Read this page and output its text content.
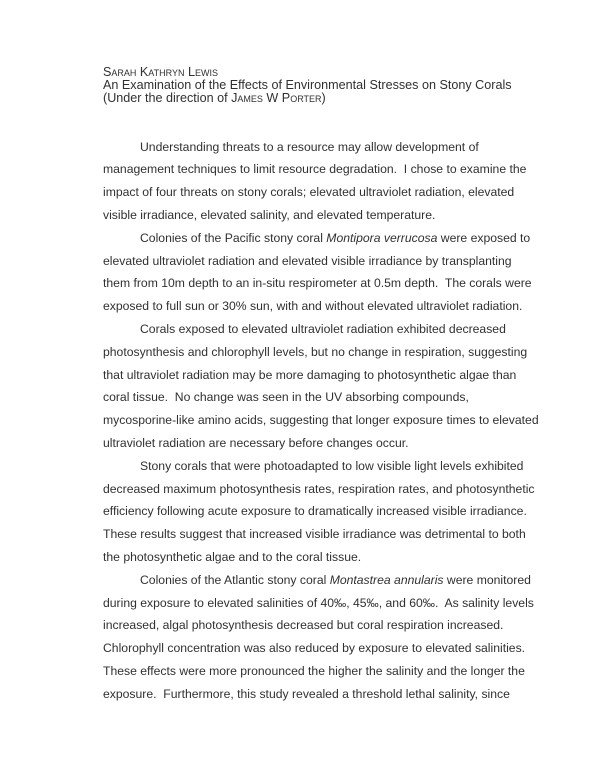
Sarah Kathryn Lewis
An Examination of the Effects of Environmental Stresses on Stony Corals
(Under the direction of James W Porter)
Understanding threats to a resource may allow development of
management techniques to limit resource degradation.  I chose to examine the
impact of four threats on stony corals; elevated ultraviolet radiation, elevated
visible irradiance, elevated salinity, and elevated temperature.
Colonies of the Pacific stony coral Montipora verrucosa were exposed to
elevated ultraviolet radiation and elevated visible irradiance by transplanting
them from 10m depth to an in-situ respirometer at 0.5m depth.  The corals were
exposed to full sun or 30% sun, with and without elevated ultraviolet radiation.
Corals exposed to elevated ultraviolet radiation exhibited decreased
photosynthesis and chlorophyll levels, but no change in respiration, suggesting
that ultraviolet radiation may be more damaging to photosynthetic algae than
coral tissue.  No change was seen in the UV absorbing compounds,
mycosporine-like amino acids, suggesting that longer exposure times to elevated
ultraviolet radiation are necessary before changes occur.
Stony corals that were photoadapted to low visible light levels exhibited
decreased maximum photosynthesis rates, respiration rates, and photosynthetic
efficiency following acute exposure to dramatically increased visible irradiance.
These results suggest that increased visible irradiance was detrimental to both
the photosynthetic algae and to the coral tissue.
Colonies of the Atlantic stony coral Montastrea annularis were monitored
during exposure to elevated salinities of 40‰, 45‰, and 60‰.  As salinity levels
increased, algal photosynthesis decreased but coral respiration increased.
Chlorophyll concentration was also reduced by exposure to elevated salinities.
These effects were more pronounced the higher the salinity and the longer the
exposure.  Furthermore, this study revealed a threshold lethal salinity, since
